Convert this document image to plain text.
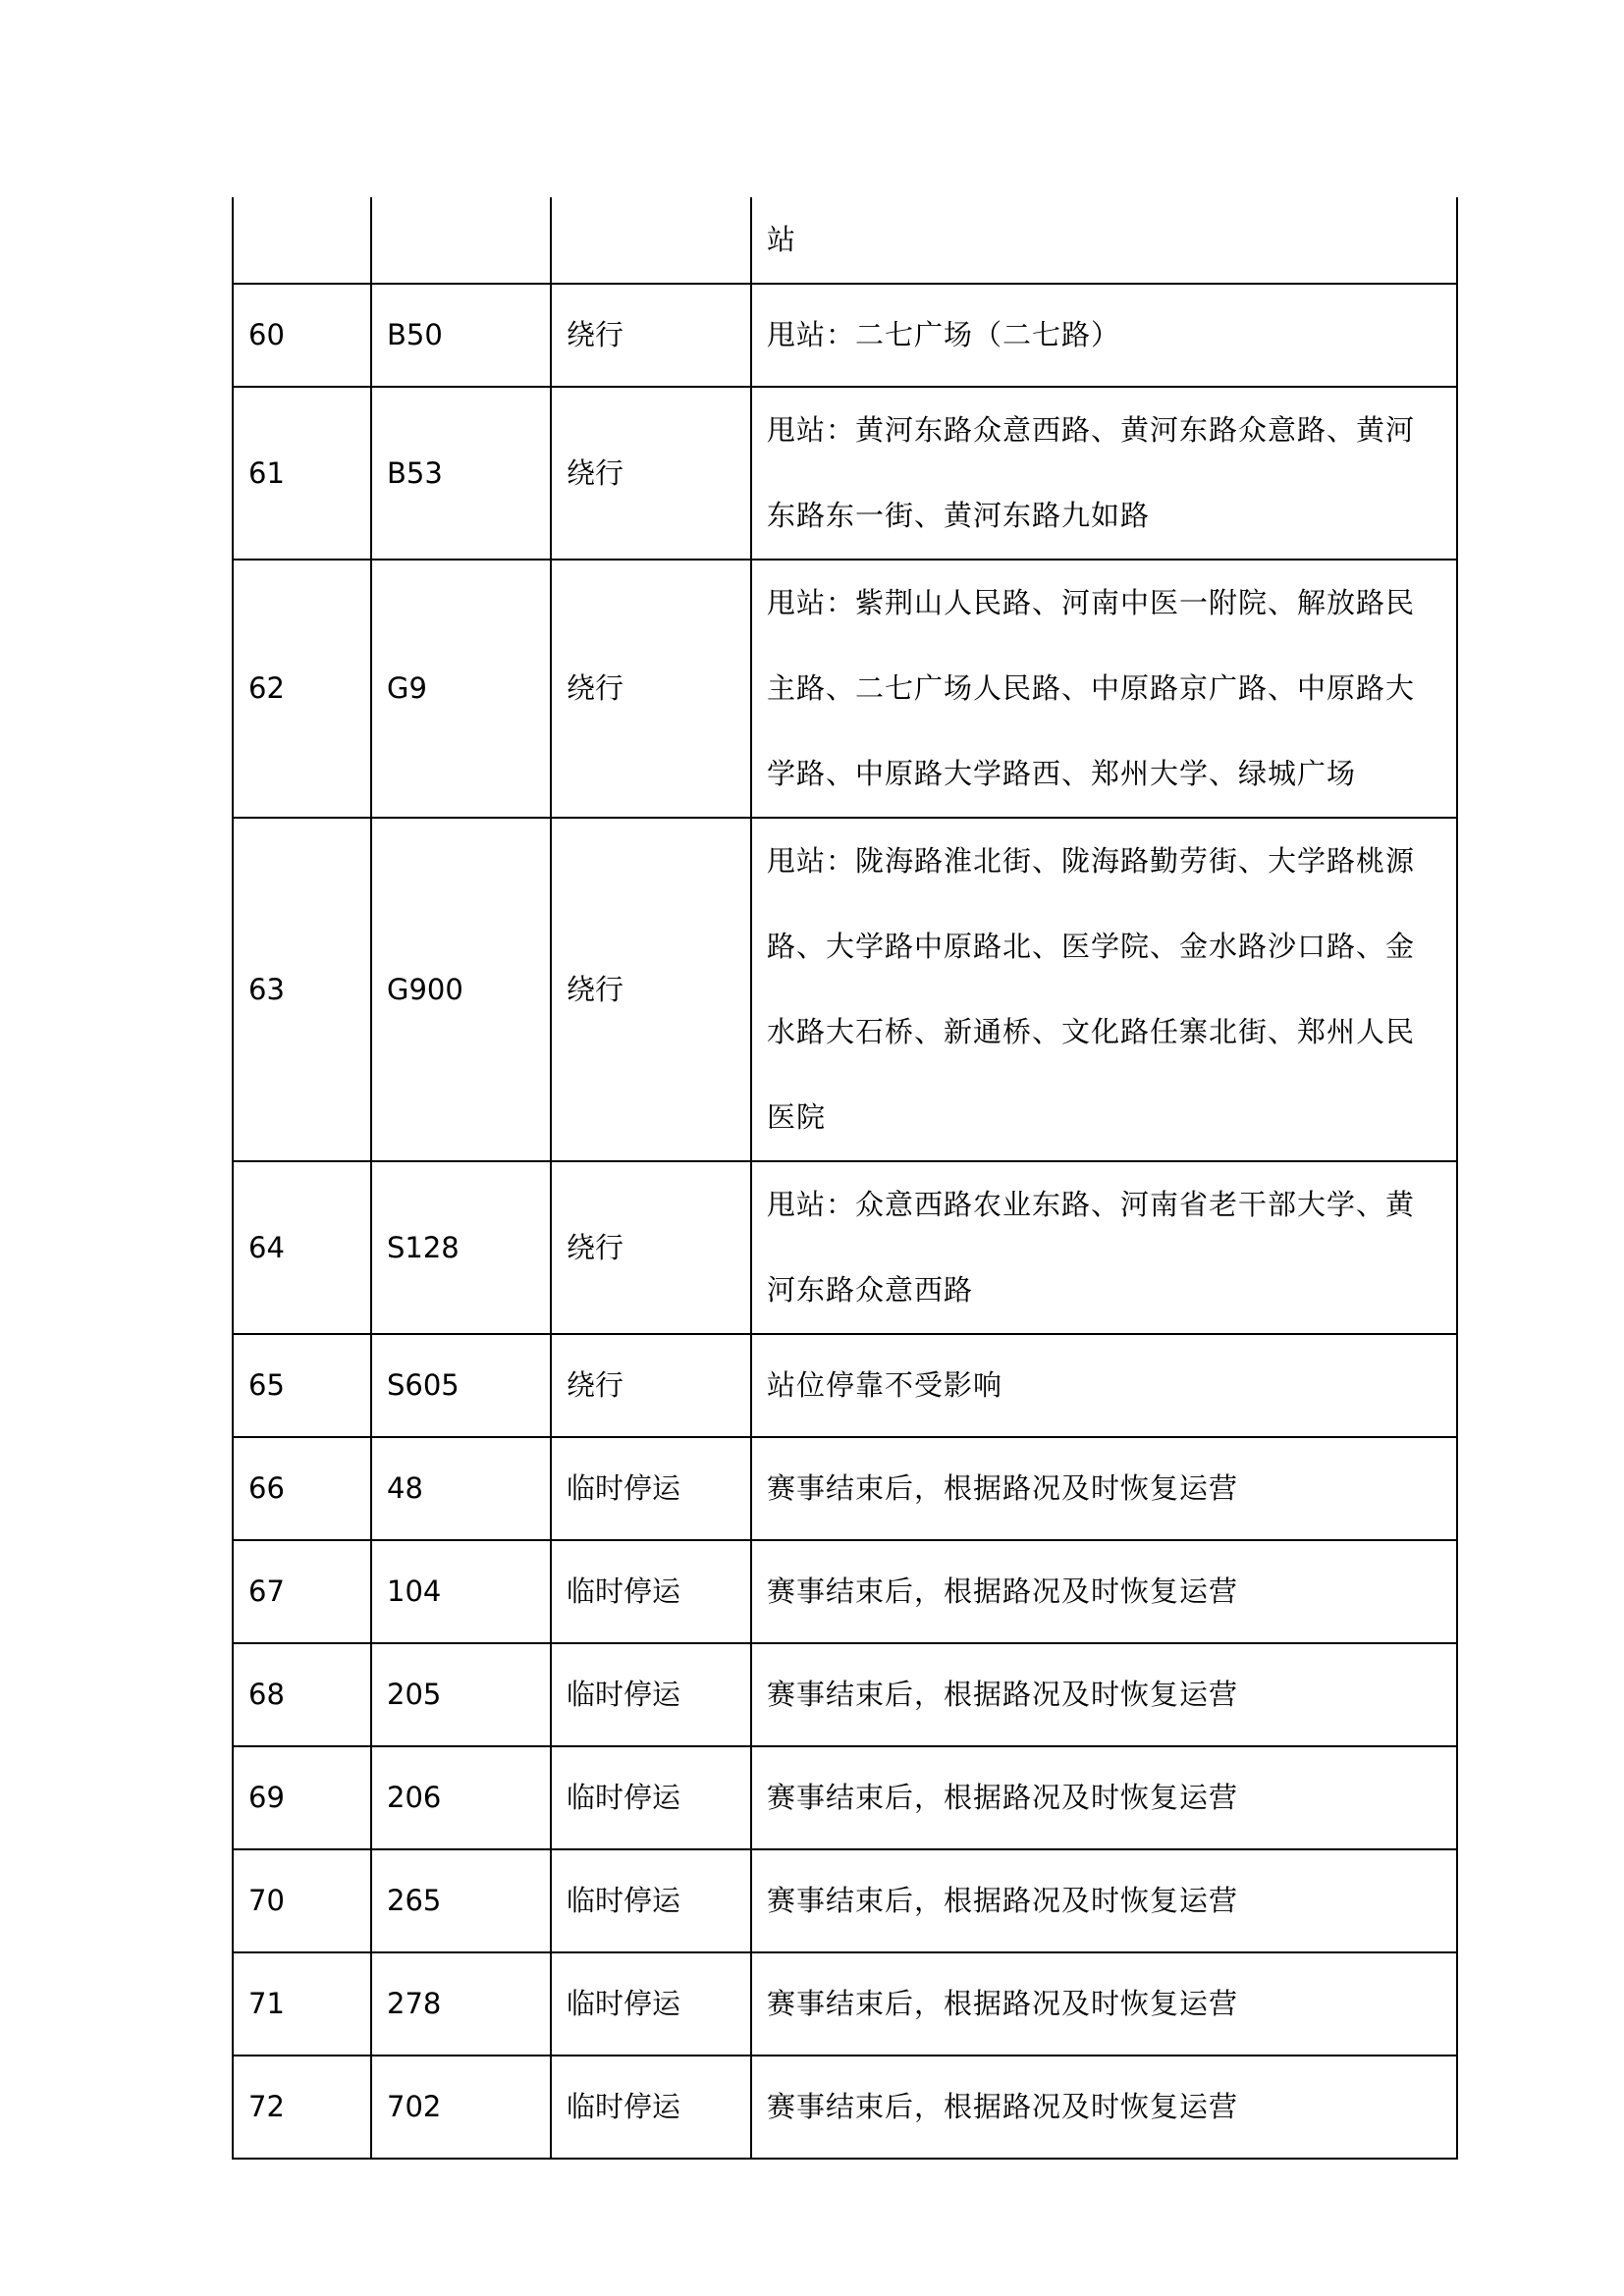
			站
60	B50	绕行	甩站：二七广场（二七路）
61	B53	绕行	甩站：黄河东路众意西路、黄河东路众意路、黄河东路东一街、黄河东路九如路
62	G9	绕行	甩站：紫荆山人民路、河南中医一附院、解放路民主路、二七广场人民路、中原路京广路、中原路大学路、中原路大学路西、郑州大学、绿城广场
63	G900	绕行	甩站：陇海路淮北街、陇海路勤劳街、大学路桃源路、大学路中原路北、医学院、金水路沙口路、金水路大石桥、新通桥、文化路任寨北街、郑州人民医院
64	S128	绕行	甩站：众意西路农业东路、河南省老干部大学、黄河东路众意西路
65	S605	绕行	站位停靠不受影响
66	48	临时停运	赛事结束后，根据路况及时恢复运营
67	104	临时停运	赛事结束后，根据路况及时恢复运营
68	205	临时停运	赛事结束后，根据路况及时恢复运营
69	206	临时停运	赛事结束后，根据路况及时恢复运营
70	265	临时停运	赛事结束后，根据路况及时恢复运营
71	278	临时停运	赛事结束后，根据路况及时恢复运营
72	702	临时停运	赛事结束后，根据路况及时恢复运营
